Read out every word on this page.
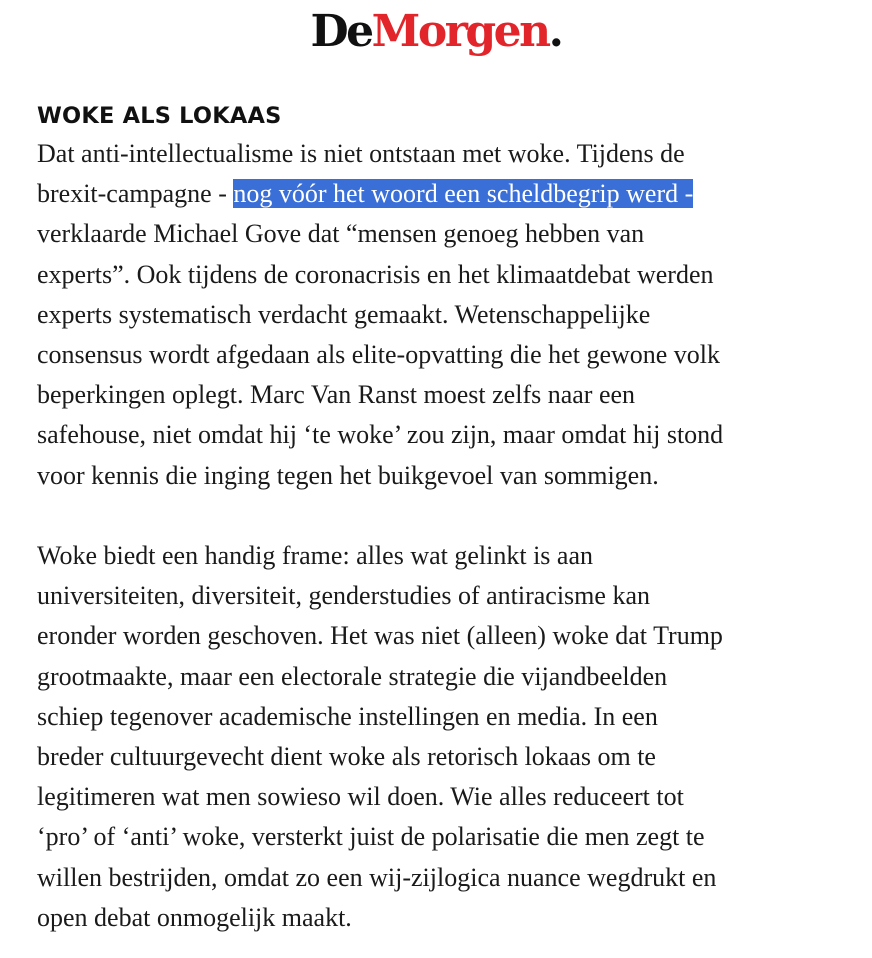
DeMorgen.
WOKE ALS LOKAAS

Dat anti-intellectualisme is niet ontstaan met woke. Tijdens de
brexit-campagne - nog vóór het woord een scheldbegrip werd -
verklaarde Michael Gove dat “mensen genoeg hebben van
experts”. Ook tijdens de coronacrisis en het klimaatdebat werden
experts systematisch verdacht gemaakt. Wetenschappelijke
consensus wordt afgedaan als elite-opvatting die het gewone volk
beperkingen oplegt. Marc Van Ranst moest zelfs naar een
safehouse, niet omdat hij ‘te woke’ zou zijn, maar omdat hij stond
voor kennis die inging tegen het buikgevoel van sommigen.

Woke biedt een handig frame: alles wat gelinkt is aan
universiteiten, diversiteit, genderstudies of antiracisme kan
eronder worden geschoven. Het was niet (alleen) woke dat Trump
grootmaakte, maar een electorale strategie die vijandbeelden
schiep tegenover academische instellingen en media. In een
breder cultuurgevecht dient woke als retorisch lokaas om te
legitimeren wat men sowieso wil doen. Wie alles reduceert tot
‘pro’ of ‘anti’ woke, versterkt juist de polarisatie die men zegt te
willen bestrijden, omdat zo een wij-zijlogica nuance wegdrukt en
open debat onmogelijk maakt.
